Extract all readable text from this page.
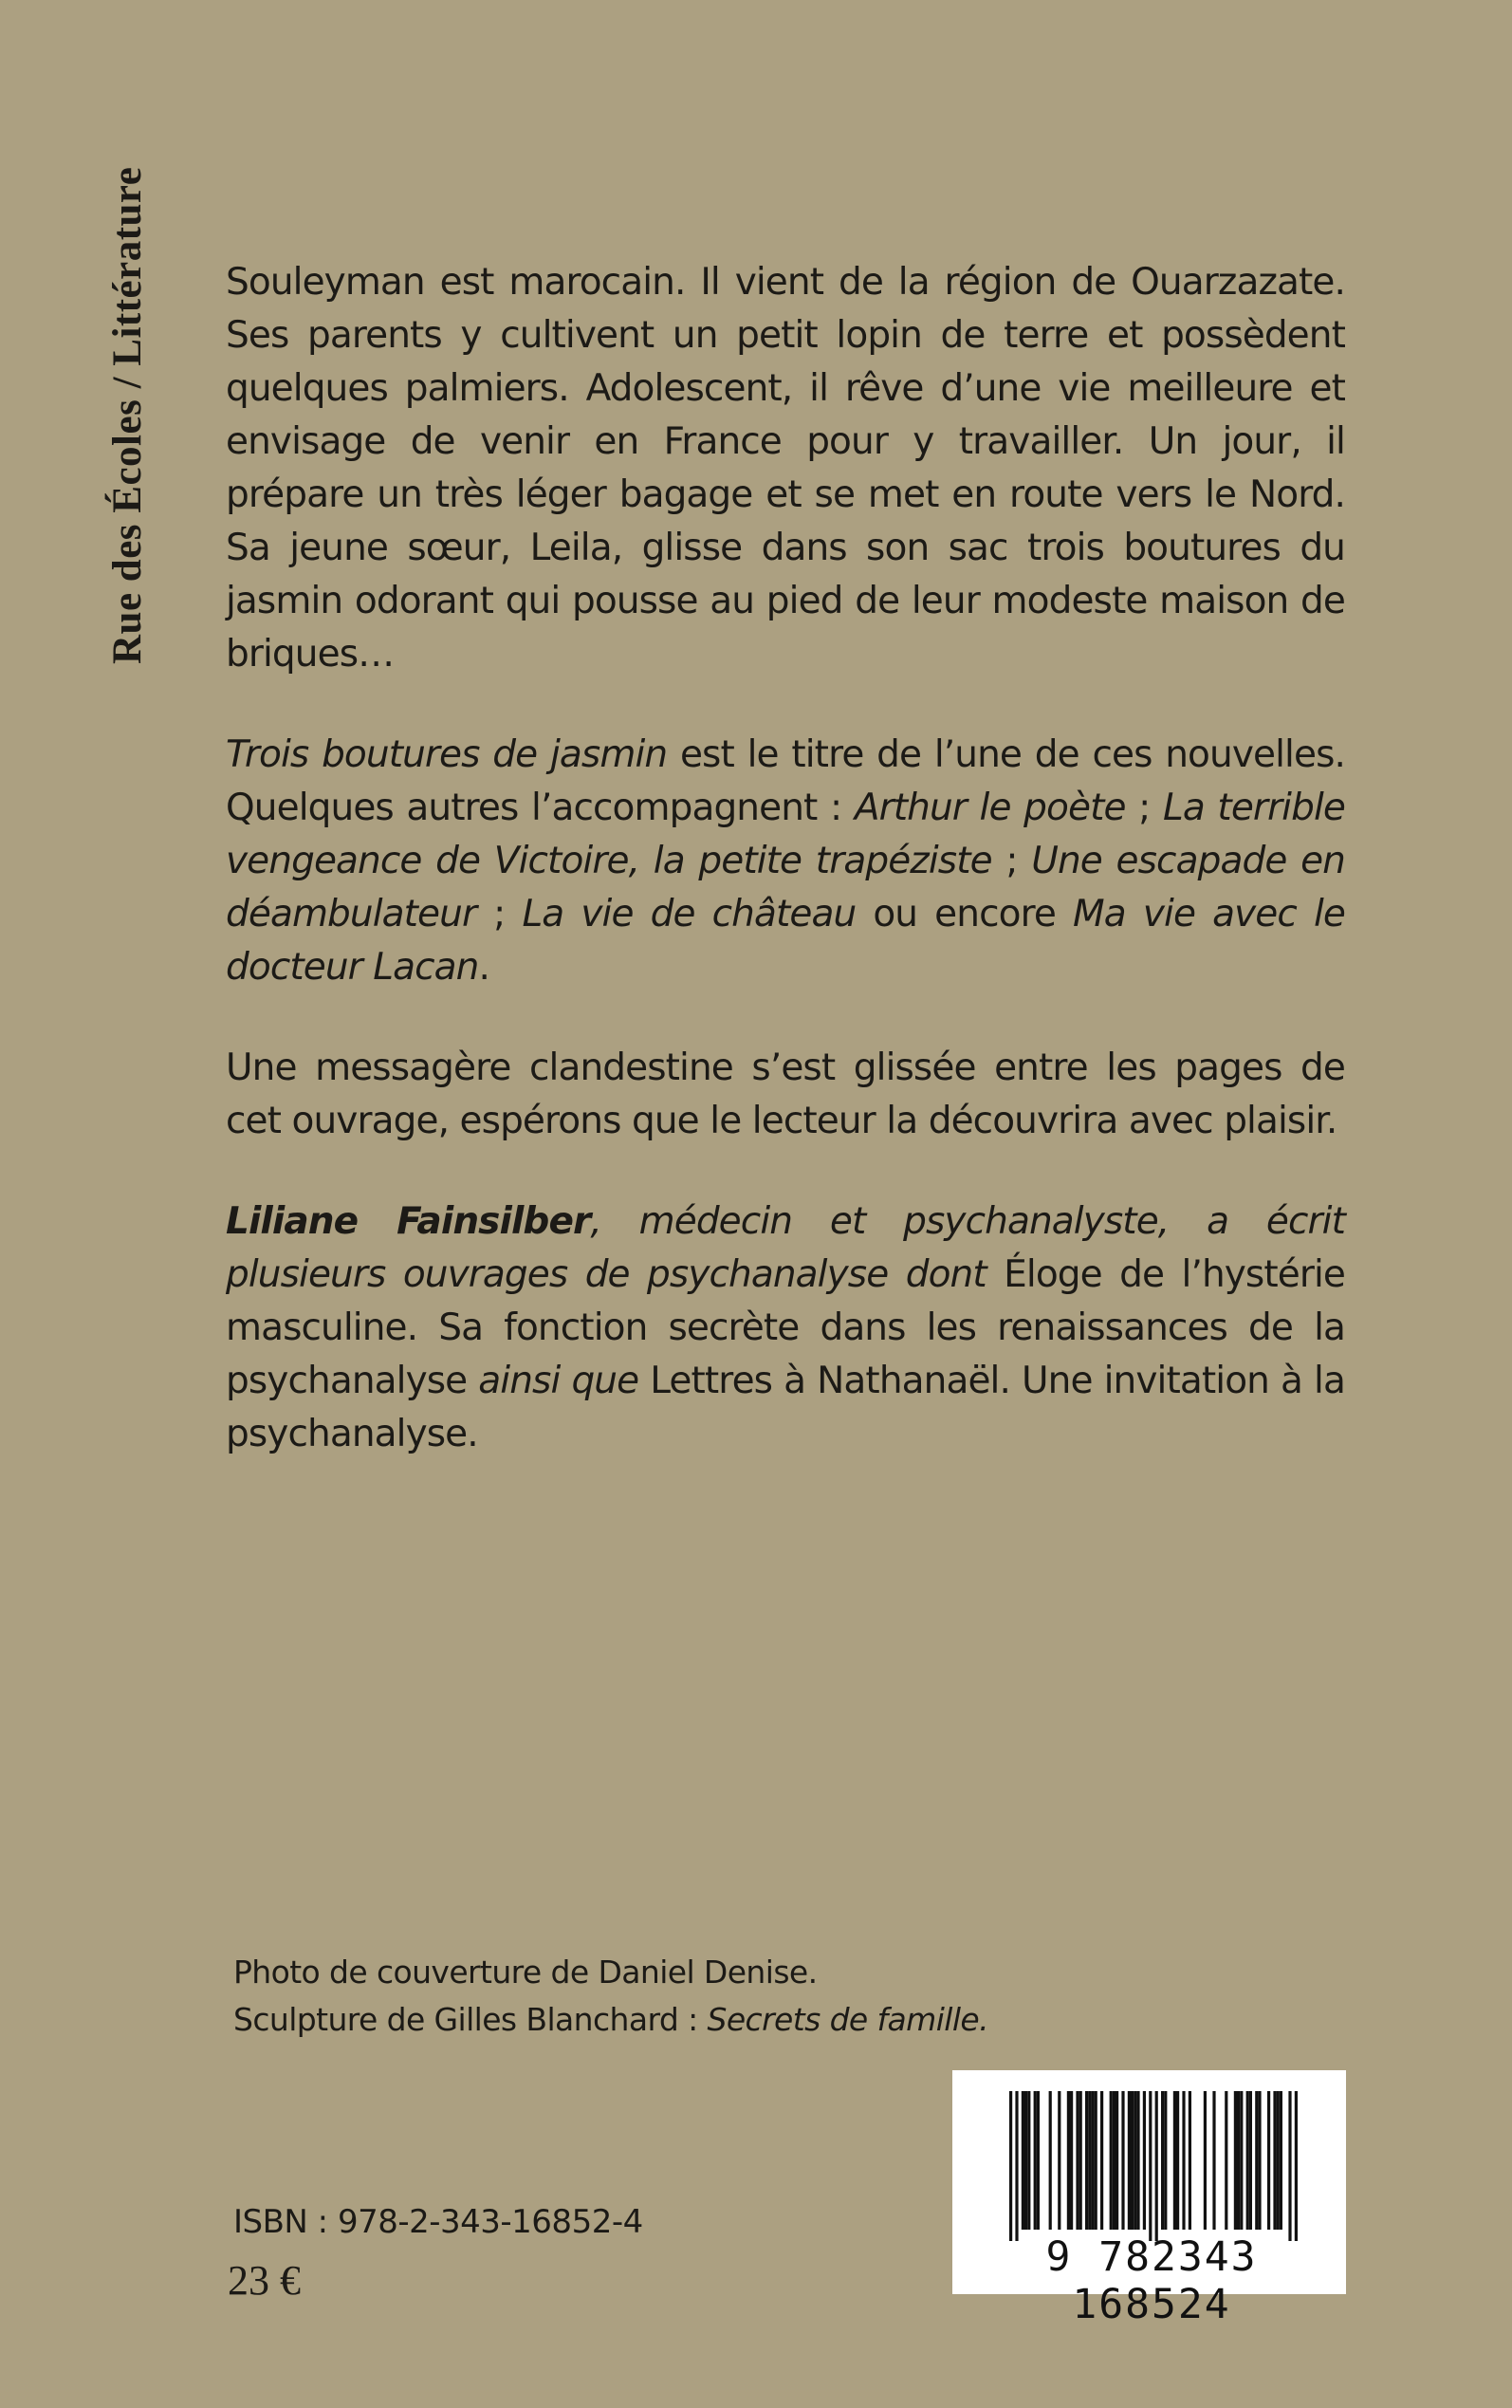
Rue des Écoles / Littérature Souleyman est marocain. Il vient de la région de Ouarzazate. Ses parents y cultivent un petit lopin de terre et possèdent quelques palmiers. Adolescent, il rêve d’une vie meilleure et envisage de venir en France pour y travailler. Un jour, il prépare un très léger bagage et se met en route vers le Nord. Sa jeune sœur, Leila, glisse dans son sac trois boutures du jasmin odorant qui pousse au pied de leur modeste maison de briques…

Trois boutures de jasmin est le titre de l’une de ces nouvelles. Quelques autres l’accompagnent : Arthur le poète ; La terrible vengeance de Victoire, la petite trapéziste ; Une escapade en déambulateur ; La vie de château ou encore Ma vie avec le docteur Lacan.

Une messagère clandestine s’est glissée entre les pages de cet ouvrage, espérons que le lecteur la découvrira avec plaisir.

Liliane Fainsilber, médecin et psychanalyste, a écrit plusieurs ouvrages de psychanalyse dont Éloge de l’hystérie masculine. Sa fonction secrète dans les renaissances de la psychanalyse ainsi que Lettres à Nathanaël. Une invitation à la psychanalyse.

Photo de couverture de Daniel Denise.
Sculpture de Gilles Blanchard : Secrets de famille.
ISBN : 978-2-343-16852-4
23 €	9 782343 168524
